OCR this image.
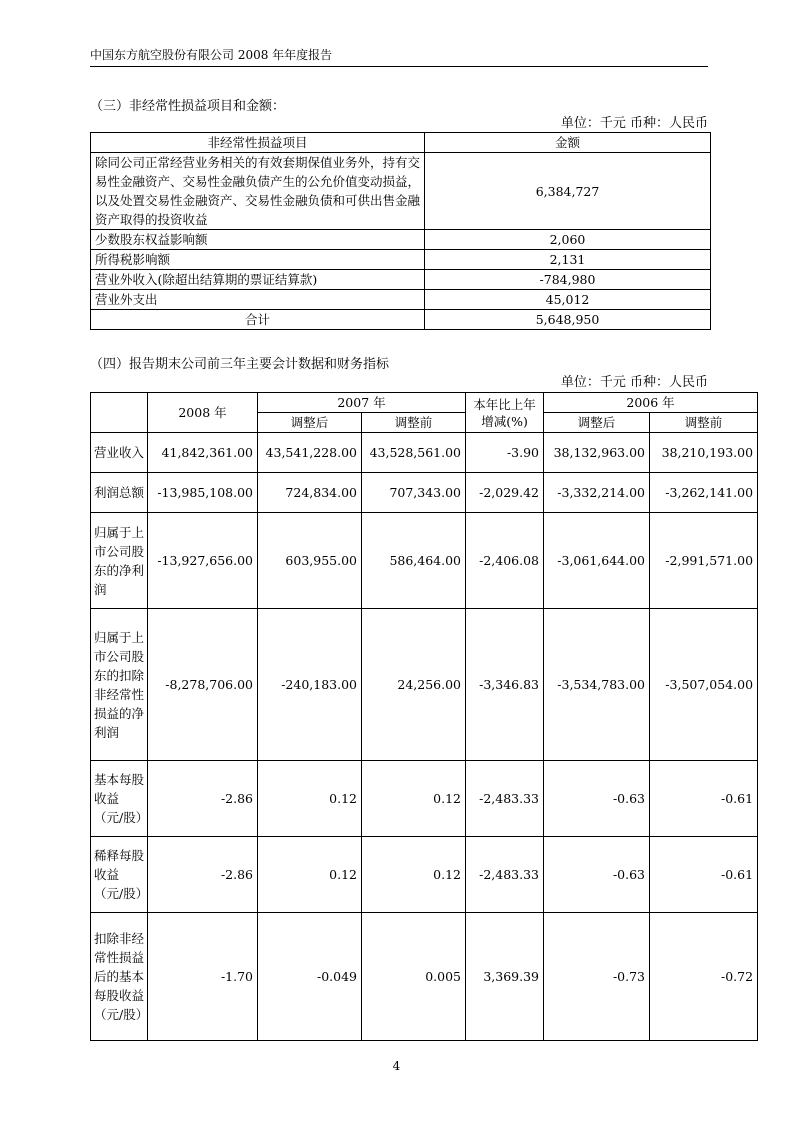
中国东方航空股份有限公司 2008 年年度报告
（三）非经常性损益项目和金额：
单位：千元 币种：人民币
非经常性损益项目	金额
除同公司正常经营业务相关的有效套期保值业务外，持有交易性金融资产、交易性金融负债产生的公允价值变动损益，以及处置交易性金融资产、交易性金融负债和可供出售金融资产取得的投资收益	6,384,727
少数股东权益影响额	2,060
所得税影响额	2,131
营业外收入(除超出结算期的票证结算款)	-784,980
营业外支出	45,012
合计	5,648,950
（四）报告期末公司前三年主要会计数据和财务指标
单位：千元 币种：人民币
	2008 年	2007 年		本年比上年增减(%)	2006 年	
		调整后	调整前		调整后	调整前
营业收入	41,842,361.00	43,541,228.00	43,528,561.00	-3.90	38,132,963.00	38,210,193.00
利润总额	-13,985,108.00	724,834.00	707,343.00	-2,029.42	-3,332,214.00	-3,262,141.00
归属于上市公司股东的净利润	-13,927,656.00	603,955.00	586,464.00	-2,406.08	-3,061,644.00	-2,991,571.00
归属于上市公司股东的扣除非经常性损益的净利润	-8,278,706.00	-240,183.00	24,256.00	-3,346.83	-3,534,783.00	-3,507,054.00
基本每股收益（元/股）	-2.86	0.12	0.12	-2,483.33	-0.63	-0.61
稀释每股收益（元/股）	-2.86	0.12	0.12	-2,483.33	-0.63	-0.61
扣除非经常性损益后的基本每股收益（元/股）	-1.70	-0.049	0.005	3,369.39	-0.73	-0.72
4
